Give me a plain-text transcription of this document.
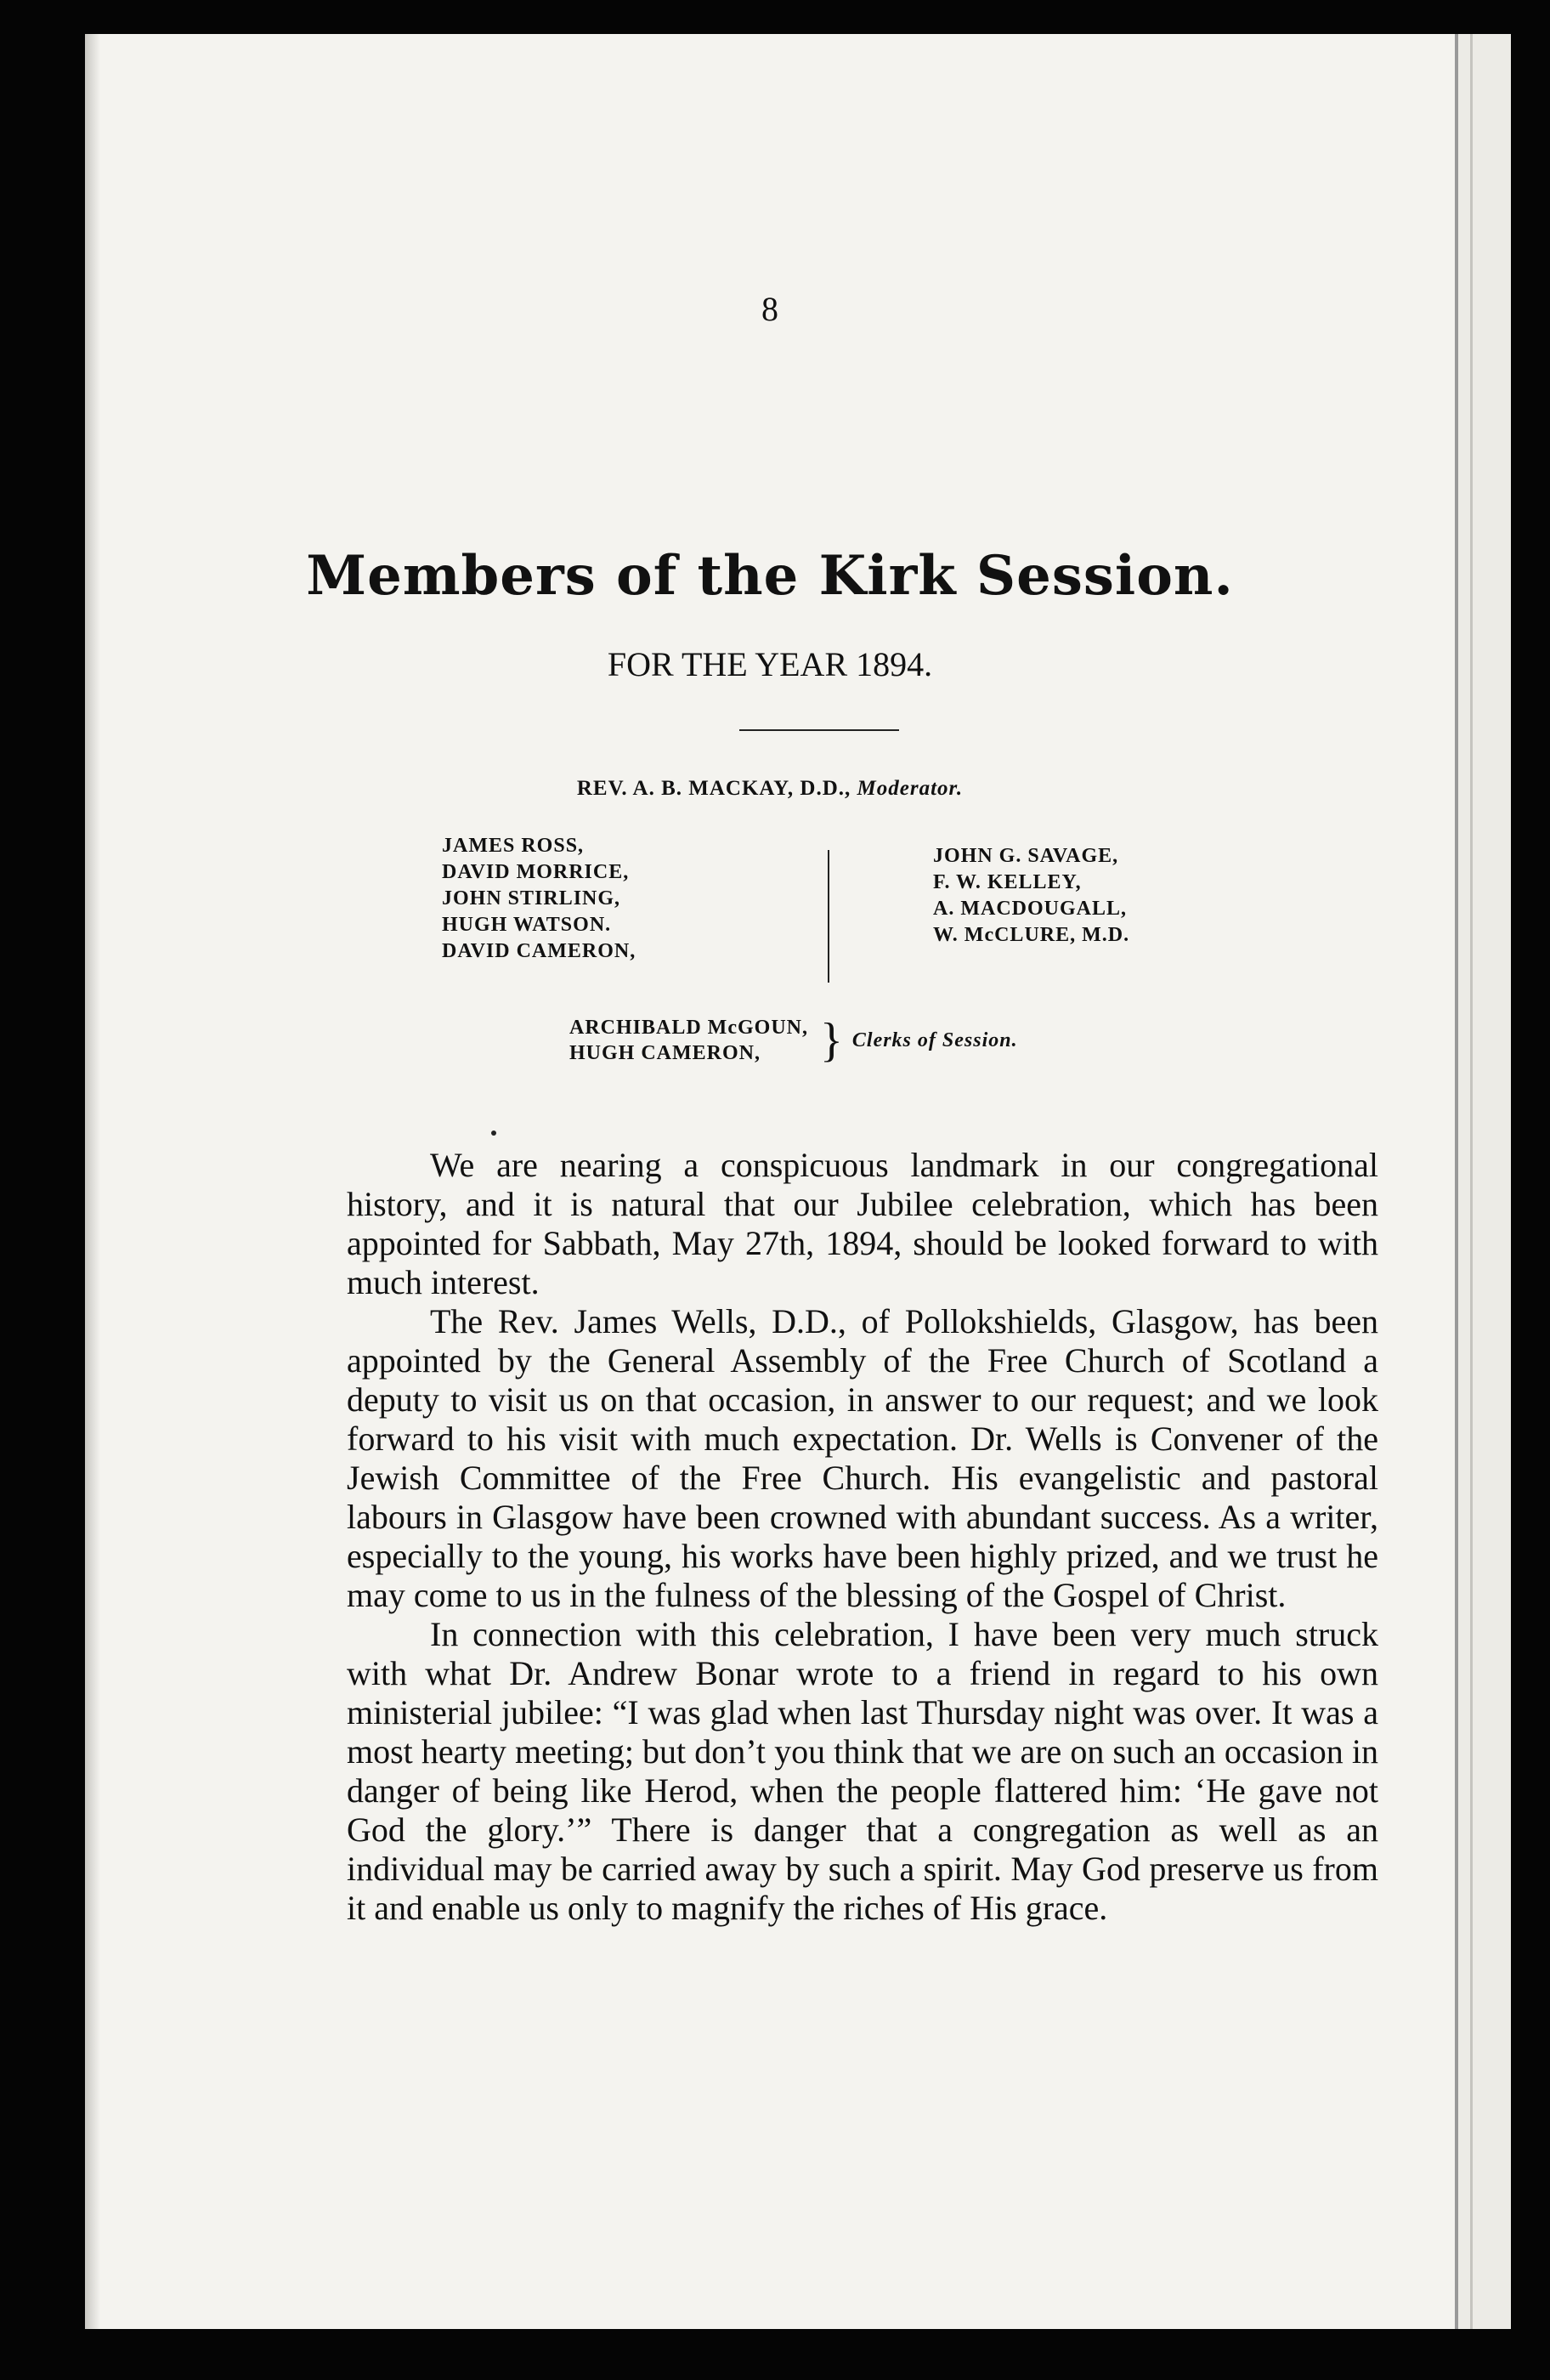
8
Members of the Kirk Session.
FOR THE YEAR 1894.
REV. A. B. MACKAY, D.D., Moderator.
JAMES ROSS,
DAVID MORRICE,
JOHN STIRLING,
HUGH WATSON.
DAVID CAMERON,
JOHN G. SAVAGE,
F. W. KELLEY,
A. MACDOUGALL,
W. McCLURE, M.D.
ARCHIBALD McGOUN,
HUGH CAMERON,	} Clerks of Session.

We are nearing a conspicuous landmark in our congregational history, and it is natural that our Jubilee celebration, which has been appointed for Sabbath, May 27th, 1894, should be looked forward to with much interest.

The Rev. James Wells, D.D., of Pollokshields, Glasgow, has been appointed by the General Assembly of the Free Church of Scotland a deputy to visit us on that occasion, in answer to our request; and we look forward to his visit with much expectation. Dr. Wells is Convener of the Jewish Committee of the Free Church. His evangelistic and pastoral labours in Glasgow have been crowned with abundant success. As a writer, especially to the young, his works have been highly prized, and we trust he may come to us in the fulness of the blessing of the Gospel of Christ.

In connection with this celebration, I have been very much struck with what Dr. Andrew Bonar wrote to a friend in regard to his own ministerial jubilee: “I was glad when last Thursday night was over. It was a most hearty meeting; but don’t you think that we are on such an occasion in danger of being like Herod, when the people flattered him: ‘He gave not God the glory.’” There is danger that a congregation as well as an individual may be carried away by such a spirit. May God preserve us from it and enable us only to magnify the riches of His grace.
